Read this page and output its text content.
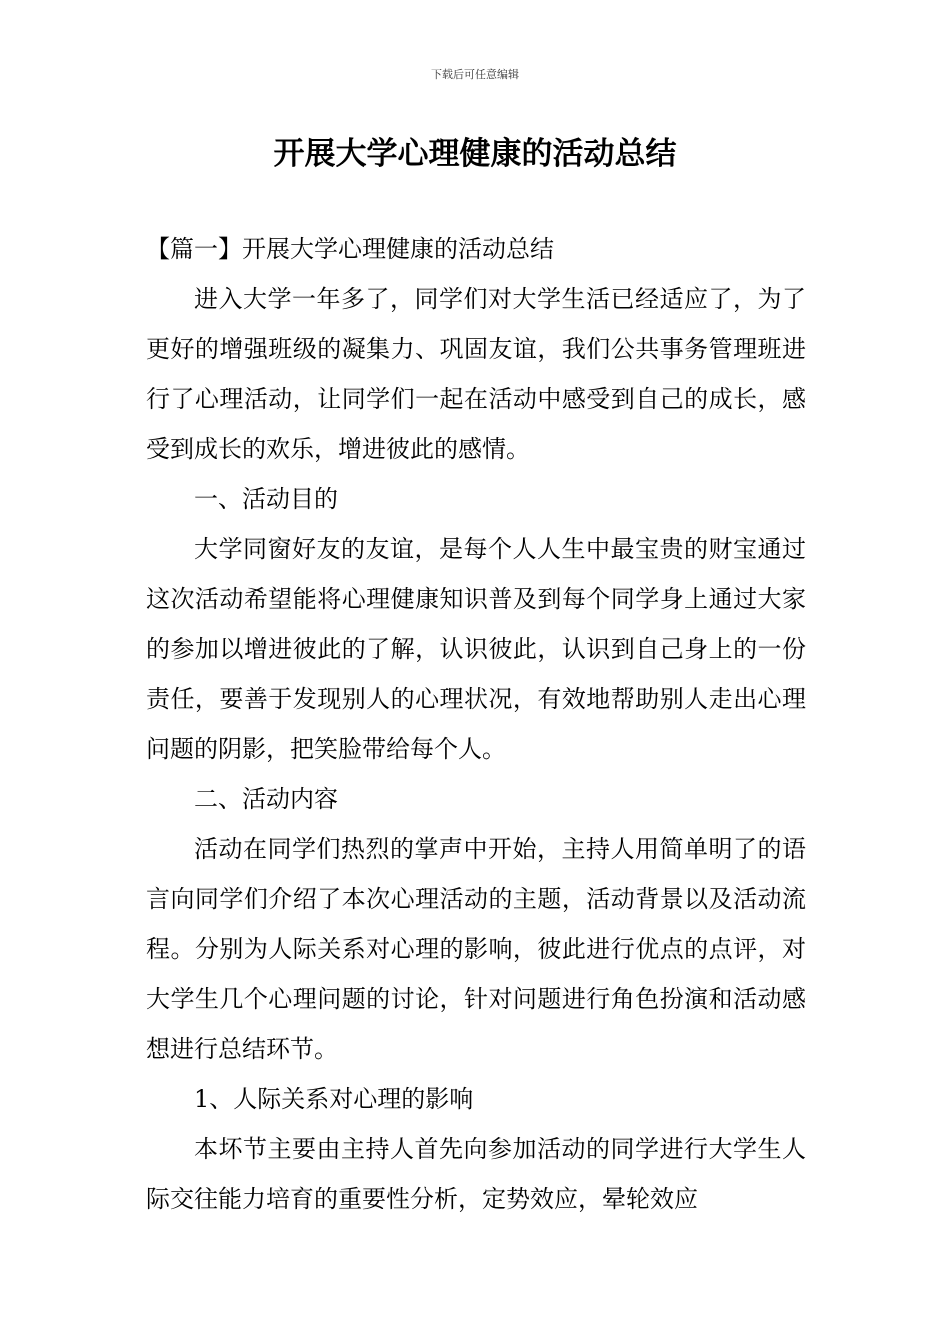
下载后可任意编辑
开展大学心理健康的活动总结

【篇一】开展大学心理健康的活动总结

进入大学一年多了，同学们对大学生活已经适应了，为了更好的增强班级的凝集力、巩固友谊，我们公共事务管理班进行了心理活动，让同学们一起在活动中感受到自己的成长，感受到成长的欢乐，增进彼此的感情。

一、活动目的

大学同窗好友的友谊，是每个人人生中最宝贵的财宝通过这次活动希望能将心理健康知识普及到每个同学身上通过大家的参加以增进彼此的了解，认识彼此，认识到自己身上的一份责任，要善于发现别人的心理状况，有效地帮助别人走出心理问题的阴影，把笑脸带给每个人。

二、活动内容

活动在同学们热烈的掌声中开始，主持人用简单明了的语言向同学们介绍了本次心理活动的主题，活动背景以及活动流程。分别为人际关系对心理的影响，彼此进行优点的点评，对大学生几个心理问题的讨论，针对问题进行角色扮演和活动感想进行总结环节。

1、人际关系对心理的影响

本坏节主要由主持人首先向参加活动的同学进行大学生人际交往能力培育的重要性分析，定势效应，晕轮效应
